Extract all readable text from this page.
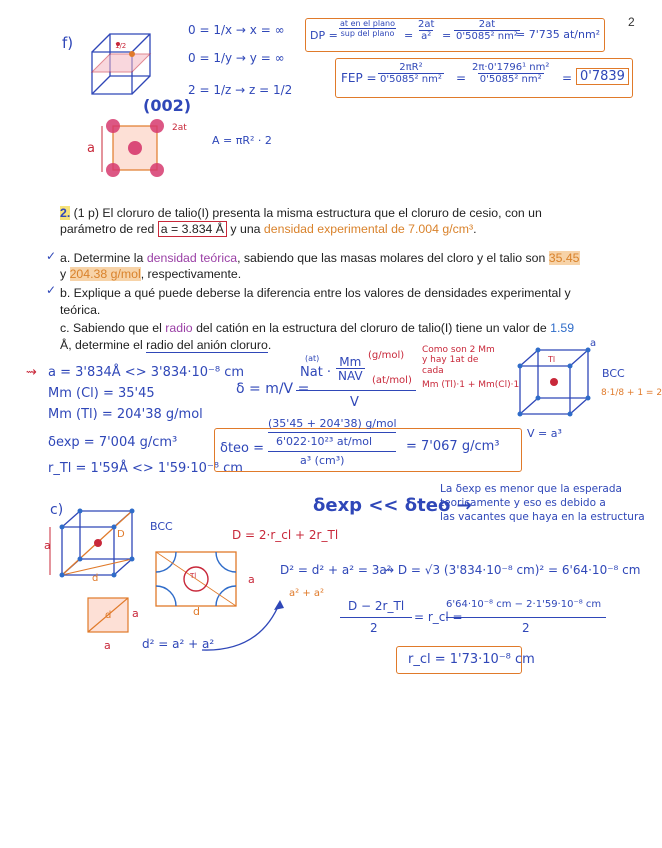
2
f)	1/2
0 = 1/x → x = ∞
0 = 1/y → y = ∞
2 = 1/z → z = 1/2
(002)
DP = $\frac{\text{at en el plano}}{\text{sup del plano}} = \frac{2at}{\text{a²}} = \frac{2at}{\text{0'5085² nm²}}$
= 7'735 at/nm²
FEP = $\frac{\text{2πR²}}{\text{0'5085² nm²}} = \frac{\text{2π·0'1796¹ nm²}}{\text{0'5085² nm²}} = 0'7839$
a
2at
A = πR² · 2
2. (1 p) El cloruro de talio(I) presenta la misma estructura que el cloruro de cesio, con un
parámetro de red a = 3.834 Å y una densidad experimental de 7.004 g/cm³.
✓ a. Determine la densidad teórica, sabiendo que las masas molares del cloro y el talio son 35.45
y 204.38 g/mol, respectivamente.
✓ b. Explique a qué puede deberse la diferencia entre los valores de densidades experimental y
teórica.
c. Sabiendo que el radio del catión en la estructura del cloruro de talio(I) tiene un valor de 1.59
Å, determine el radio del anión cloruro.
⇝ a = 3'834Å <> 3'834·10⁻⁸ cm
Mm (Cl) = 35'45
Mm (Tl) = 204'38 g/mol
δexp = 7'004 g/cm³
r_Tl = 1'59Å <> 1'59·10⁻⁸ cm
δ = m/V =
(at)
Nat · $\frac{Mm}{\text{NAV}}$
(g/mol)
(at/mol)
V
Como son 2 Mm y hay 1at de cada
Mm (Tl)·1 + Mm(Cl)·1
Tl
a
BCC
8·1/8 + 1 = 2
V = a³
δteo =
(35'45 + 204'38) g/mol
6'022·10²³ at/mol
a³ (cm³)
= 7'067 g/cm³
δexp << δteo →
La δexp es menor que la esperada
teoricamente y eso es debido a
las vacantes que haya en la estructura
c)
a
D
d
BCC
Tl	a
d
D = 2·r_cl + 2r_Tl
D² = d² + a² = 3a²
⇝ D = √3 (3'834·10⁻⁸ cm)² = 6'64·10⁻⁸ cm
a² + a²
d a
a	d² = a² + a²
D − 2r_Tl
2
= r_cl =
6'64·10⁻⁸ cm − 2·1'59·10⁻⁸ cm
2
r_cl = 1'73·10⁻⁸ cm
